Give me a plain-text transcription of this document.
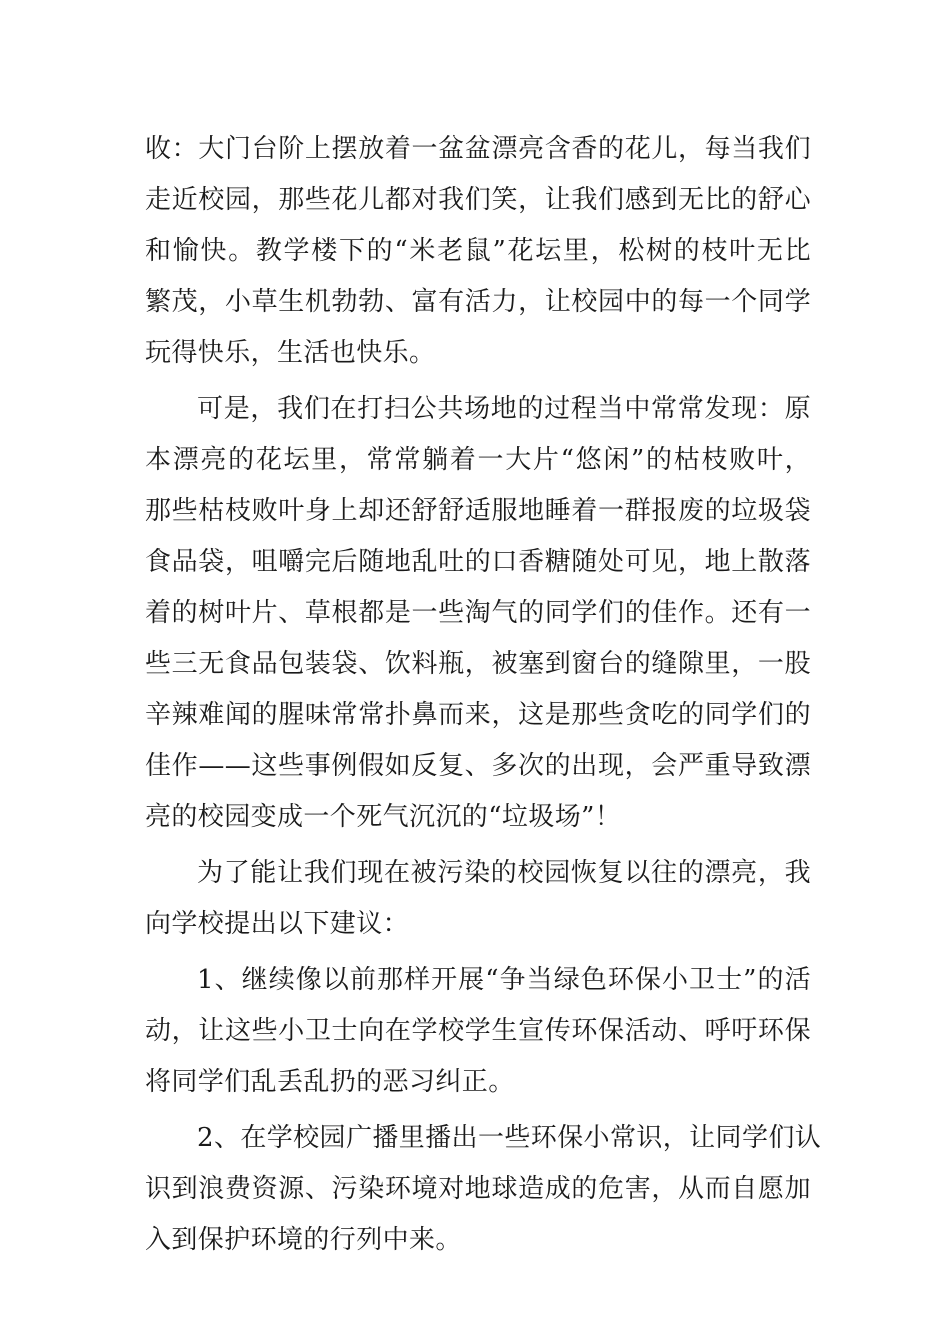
收：大门台阶上摆放着一盆盆漂亮含香的花儿，每当我们
走近校园，那些花儿都对我们笑，让我们感到无比的舒心
和愉快。教学楼下的“米老鼠”花坛里，松树的枝叶无比
繁茂，小草生机勃勃、富有活力，让校园中的每一个同学
玩得快乐，生活也快乐。
可是，我们在打扫公共场地的过程当中常常发现：原
本漂亮的花坛里，常常躺着一大片“悠闲”的枯枝败叶，
那些枯枝败叶身上却还舒舒适服地睡着一群报废的垃圾袋
食品袋，咀嚼完后随地乱吐的口香糖随处可见，地上散落
着的树叶片、草根都是一些淘气的同学们的佳作。还有一
些三无食品包装袋、饮料瓶，被塞到窗台的缝隙里，一股
辛辣难闻的腥味常常扑鼻而来，这是那些贪吃的同学们的
佳作——这些事例假如反复、多次的出现，会严重导致漂
亮的校园变成一个死气沉沉的“垃圾场”！
为了能让我们现在被污染的校园恢复以往的漂亮，我
向学校提出以下建议：
1、继续像以前那样开展“争当绿色环保小卫士”的活
动，让这些小卫士向在学校学生宣传环保活动、呼吁环保
将同学们乱丢乱扔的恶习纠正。
2、在学校园广播里播出一些环保小常识，让同学们认
识到浪费资源、污染环境对地球造成的危害，从而自愿加
入到保护环境的行列中来。
